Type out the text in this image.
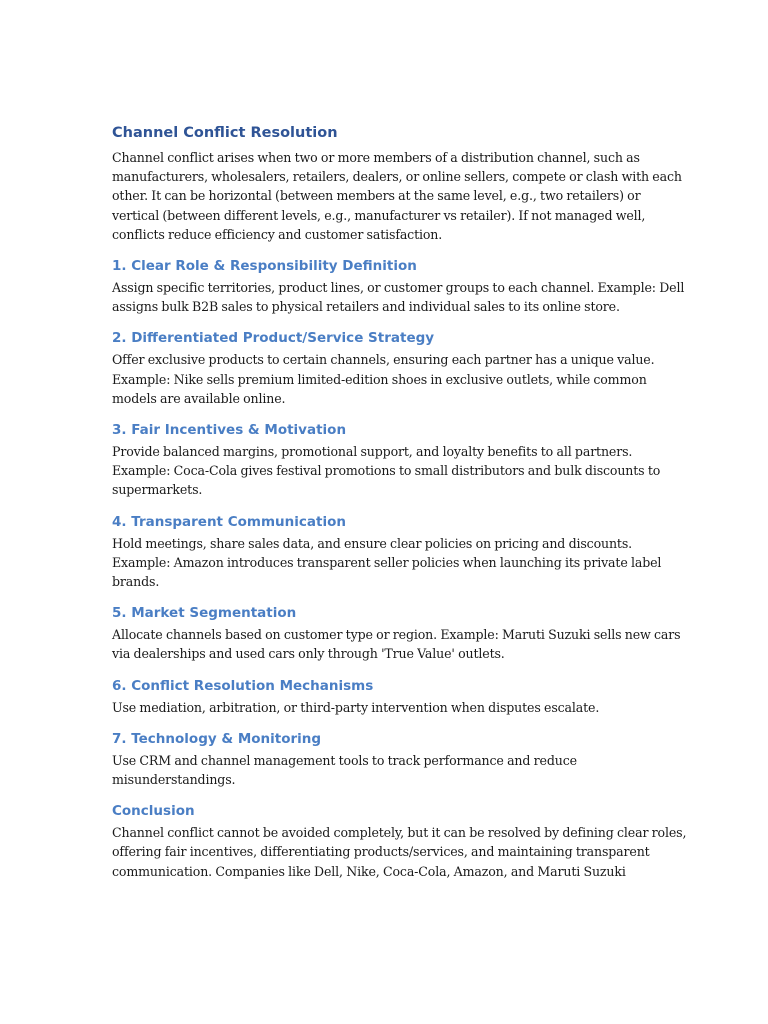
Channel Conflict Resolution

Channel conflict arises when two or more members of a distribution channel, such as
manufacturers, wholesalers, retailers, dealers, or online sellers, compete or clash with each
other. It can be horizontal (between members at the same level, e.g., two retailers) or
vertical (between different levels, e.g., manufacturer vs retailer). If not managed well,
conflicts reduce efficiency and customer satisfaction.

1. Clear Role & Responsibility Definition

Assign specific territories, product lines, or customer groups to each channel. Example: Dell
assigns bulk B2B sales to physical retailers and individual sales to its online store.

2. Differentiated Product/Service Strategy

Offer exclusive products to certain channels, ensuring each partner has a unique value.
Example: Nike sells premium limited-edition shoes in exclusive outlets, while common
models are available online.

3. Fair Incentives & Motivation

Provide balanced margins, promotional support, and loyalty benefits to all partners.
Example: Coca-Cola gives festival promotions to small distributors and bulk discounts to
supermarkets.

4. Transparent Communication

Hold meetings, share sales data, and ensure clear policies on pricing and discounts.
Example: Amazon introduces transparent seller policies when launching its private label
brands.

5. Market Segmentation

Allocate channels based on customer type or region. Example: Maruti Suzuki sells new cars
via dealerships and used cars only through 'True Value' outlets.

6. Conflict Resolution Mechanisms

Use mediation, arbitration, or third-party intervention when disputes escalate.

7. Technology & Monitoring

Use CRM and channel management tools to track performance and reduce
misunderstandings.

Conclusion

Channel conflict cannot be avoided completely, but it can be resolved by defining clear roles,
offering fair incentives, differentiating products/services, and maintaining transparent
communication. Companies like Dell, Nike, Coca-Cola, Amazon, and Maruti Suzuki
